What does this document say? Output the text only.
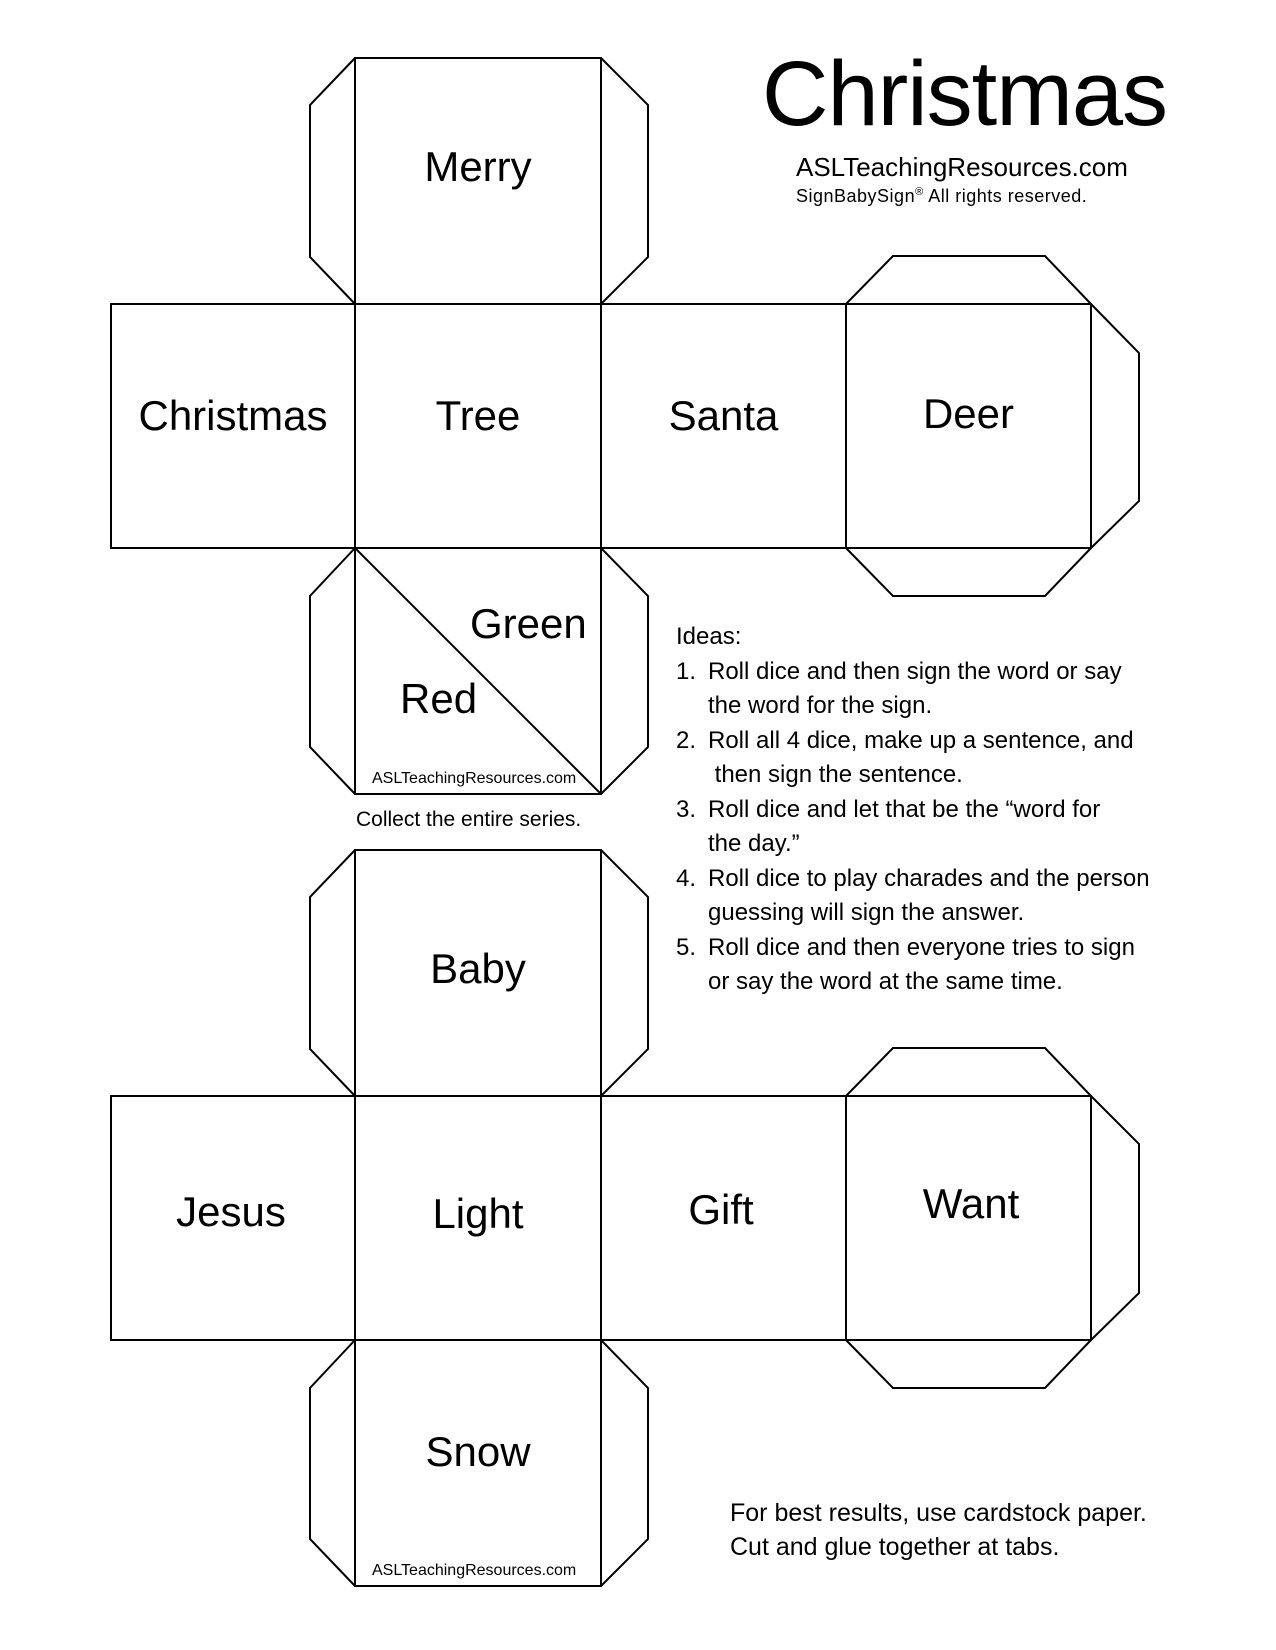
Christmas
ASLTeachingResources.com
SignBabySign® All rights reserved.
Merry
Christmas	Tree	Santa	Deer
Green
Red
ASLTeachingResources.com
Collect the entire series.
Baby
Jesus	Light	Gift	Want
Snow
ASLTeachingResources.com
Ideas:
1. Roll dice and then sign the word or say
the word for the sign.
2. Roll all 4 dice, make up a sentence, and
then sign the sentence.
3. Roll dice and let that be the “word for
the day.”
4. Roll dice to play charades and the person
guessing will sign the answer.
5. Roll dice and then everyone tries to sign
or say the word at the same time.
For best results, use cardstock paper.
Cut and glue together at tabs.
